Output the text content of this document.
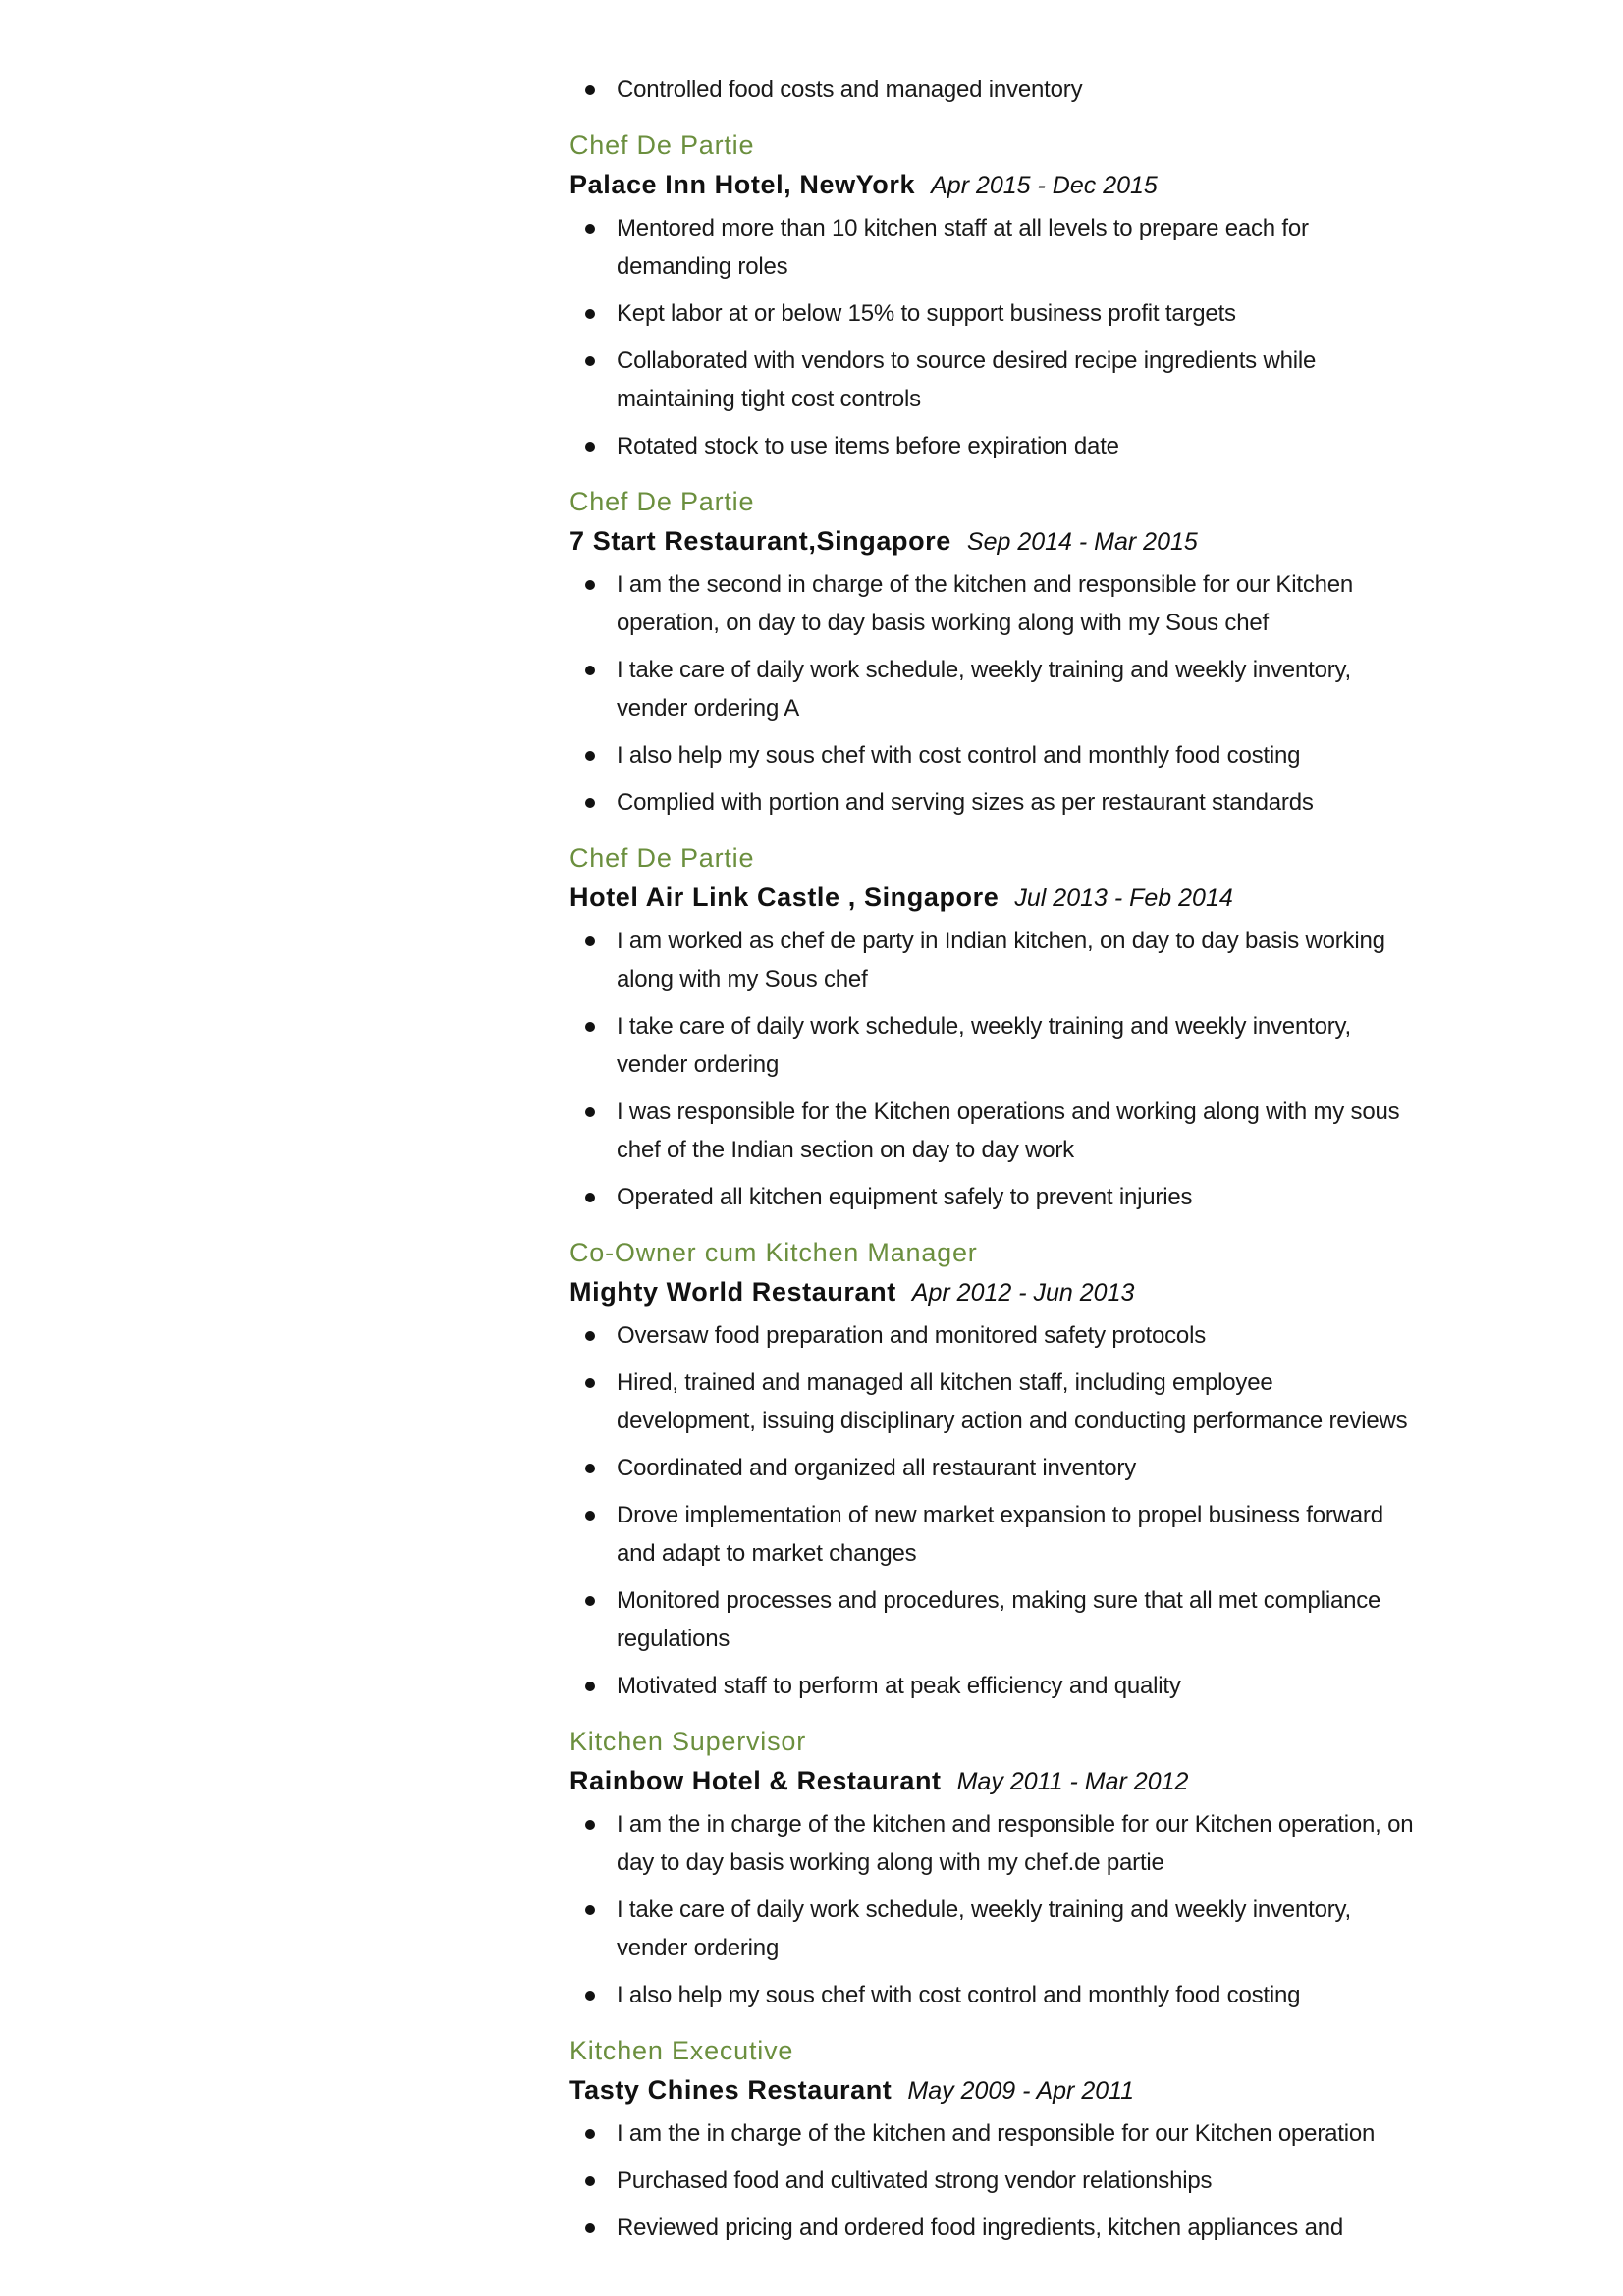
Controlled food costs and managed inventory
Chef De Partie
Palace Inn Hotel, NewYork Apr 2015 - Dec 2015
Mentored more than 10 kitchen staff at all levels to prepare each for
demanding roles
Kept labor at or below 15% to support business profit targets
Collaborated with vendors to source desired recipe ingredients while
maintaining tight cost controls
Rotated stock to use items before expiration date
Chef De Partie
7 Start Restaurant,Singapore Sep 2014 - Mar 2015
I am the second in charge of the kitchen and responsible for our Kitchen
operation, on day to day basis working along with my Sous chef
I take care of daily work schedule, weekly training and weekly inventory,
vender ordering A
I also help my sous chef with cost control and monthly food costing
Complied with portion and serving sizes as per restaurant standards
Chef De Partie
Hotel Air Link Castle , Singapore Jul 2013 - Feb 2014
I am worked as chef de party in Indian kitchen, on day to day basis working
along with my Sous chef
I take care of daily work schedule, weekly training and weekly inventory,
vender ordering
I was responsible for the Kitchen operations and working along with my sous
chef of the Indian section on day to day work
Operated all kitchen equipment safely to prevent injuries
Co-Owner cum Kitchen Manager
Mighty World Restaurant Apr 2012 - Jun 2013
Oversaw food preparation and monitored safety protocols
Hired, trained and managed all kitchen staff, including employee
development, issuing disciplinary action and conducting performance reviews
Coordinated and organized all restaurant inventory
Drove implementation of new market expansion to propel business forward
and adapt to market changes
Monitored processes and procedures, making sure that all met compliance
regulations
Motivated staff to perform at peak efficiency and quality
Kitchen Supervisor
Rainbow Hotel & Restaurant May 2011 - Mar 2012
I am the in charge of the kitchen and responsible for our Kitchen operation, on
day to day basis working along with my chef.de partie
I take care of daily work schedule, weekly training and weekly inventory,
vender ordering
I also help my sous chef with cost control and monthly food costing
Kitchen Executive
Tasty Chines Restaurant May 2009 - Apr 2011
I am the in charge of the kitchen and responsible for our Kitchen operation
Purchased food and cultivated strong vendor relationships
Reviewed pricing and ordered food ingredients, kitchen appliances and
